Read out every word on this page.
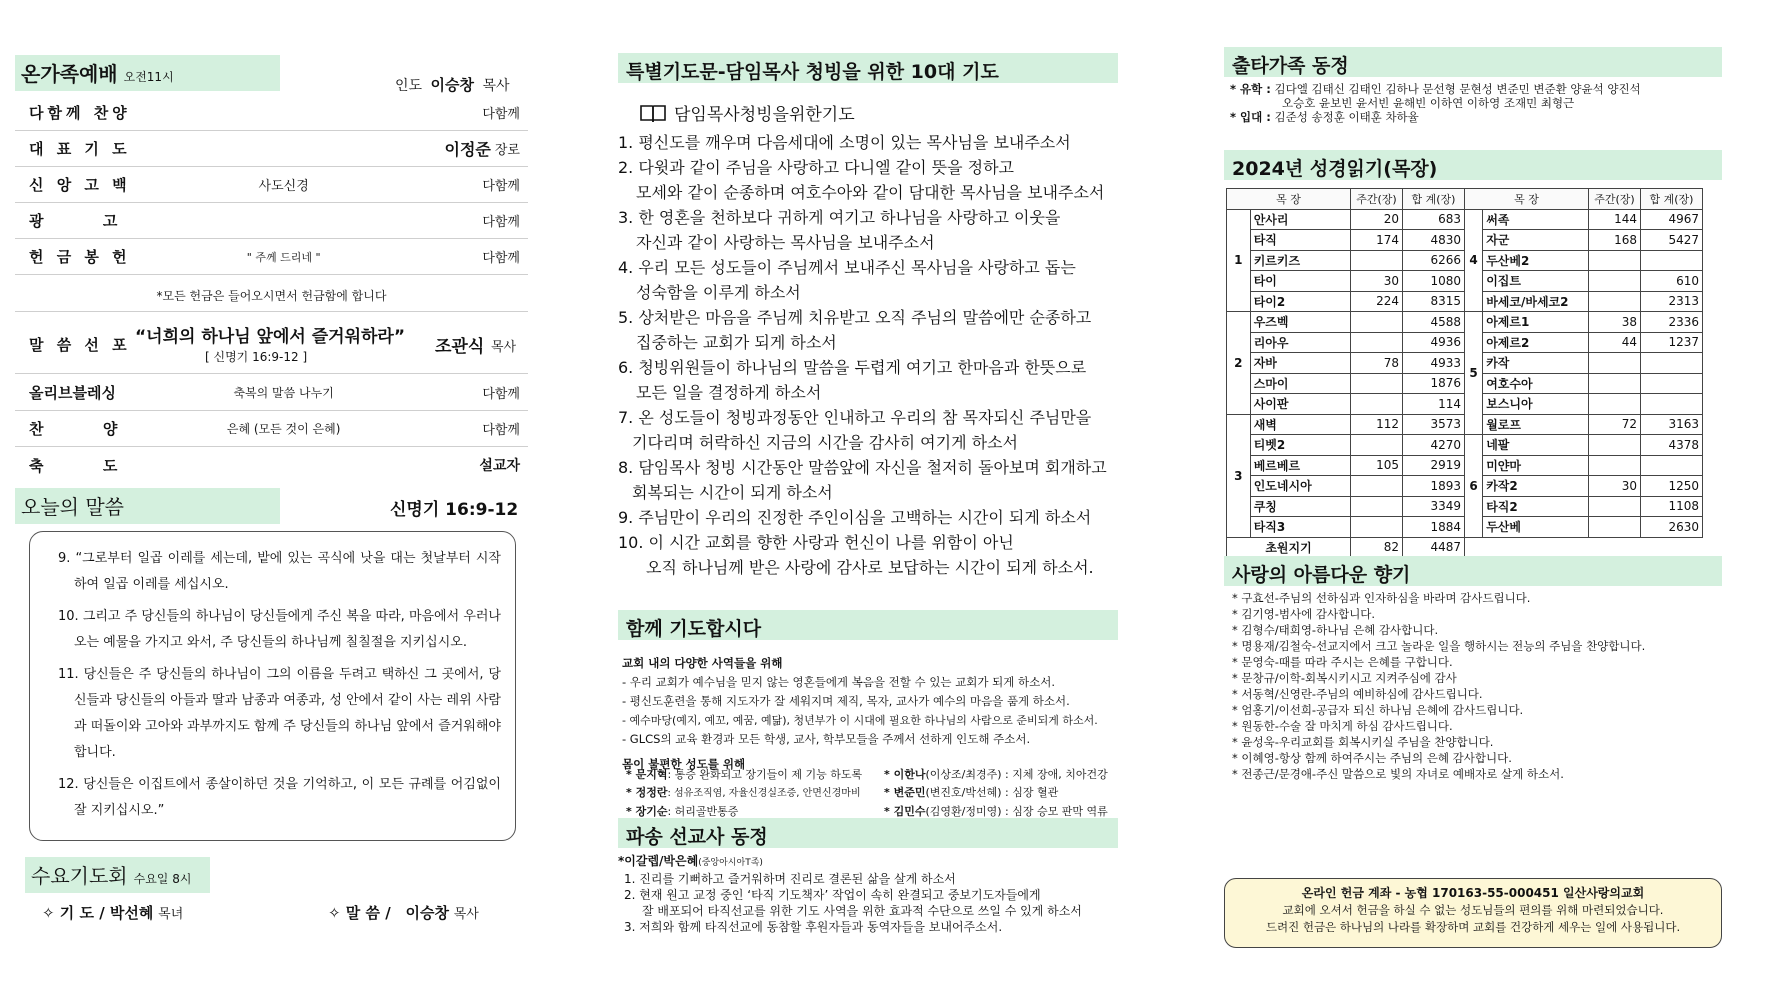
온가족예배 오전11시
인도 이승창 목사
다함께 찬양	다함께
대 표 기 도	이정준 장로
신 앙 고 백	사도신경	다함께
광      고	다함께
헌 금 봉 헌	" 주께 드리네 "	다함께
*모든 헌금은 들어오시면서 헌금함에 합니다
말 씀 선 포 “너희의 하나님 앞에서 즐거워하라”
[ 신명기 16:9-12 ]	조관식 목사
올리브블레싱	축복의 말씀 나누기	다함께
찬      양	은혜 (모든 것이 은혜)	다함께
축      도	설교자
오늘의 말씀	신명기 16:9-12

9. “그로부터 일곱 이레를 세는데, 밭에 있는 곡식에 낫을 대는 첫날부터 시작하여 일곱 이레를 세십시오.

10. 그리고 주 당신들의 하나님이 당신들에게 주신 복을 따라, 마음에서 우러나오는 예물을 가지고 와서, 주 당신들의 하나님께 칠칠절을 지키십시오.

11. 당신들은 주 당신들의 하나님이 그의 이름을 두려고 택하신 그 곳에서, 당신들과 당신들의 아들과 딸과 남종과 여종과, 성 안에서 같이 사는 레위 사람과 떠돌이와 고아와 과부까지도 함께 주 당신들의 하나님 앞에서 즐거워해야 합니다.

12. 당신들은 이집트에서 종살이하던 것을 기억하고, 이 모든 규례를 어김없이 잘 지키십시오.”

수요기도회 수요일 8시
✧ 기 도 / 박선혜 목녀	✧ 말 씀 / 이승창 목사
특별기도문-담임목사 청빙을 위한 10대 기도
담임목사청빙을위한기도
1. 평신도를 깨우며 다음세대에 소명이 있는 목사님을 보내주소서
2. 다윗과 같이 주님을 사랑하고 다니엘 같이 뜻을 정하고
모세와 같이 순종하며 여호수아와 같이 담대한 목사님을 보내주소서
3. 한 영혼을 천하보다 귀하게 여기고 하나님을 사랑하고 이웃을
자신과 같이 사랑하는 목사님을 보내주소서
4. 우리 모든 성도들이 주님께서 보내주신 목사님을 사랑하고 돕는
성숙함을 이루게 하소서
5. 상처받은 마음을 주님께 치유받고 오직 주님의 말씀에만 순종하고
집중하는 교회가 되게 하소서
6. 청빙위원들이 하나님의 말씀을 두렵게 여기고 한마음과 한뜻으로
모든 일을 결정하게 하소서
7. 온 성도들이 청빙과정동안 인내하고 우리의 참 목자되신 주님만을
기다리며 허락하신 지금의 시간을 감사히 여기게 하소서
8. 담임목사 청빙 시간동안 말씀앞에 자신을 철저히 돌아보며 회개하고
회복되는 시간이 되게 하소서
9. 주님만이 우리의 진정한 주인이심을 고백하는 시간이 되게 하소서
10. 이 시간 교회를 향한 사랑과 헌신이 나를 위함이 아닌
오직 하나님께 받은 사랑에 감사로 보답하는 시간이 되게 하소서.
함께 기도합시다
교회 내의 다양한 사역들을 위해
- 우리 교회가 예수님을 믿지 않는 영혼들에게 복음을 전할 수 있는 교회가 되게 하소서.
- 평신도훈련을 통해 지도자가 잘 세워지며 제직, 목자, 교사가 예수의 마음을 품게 하소서.
- 예수마당(예지, 예꼬, 예꿈, 예닮), 청년부가 이 시대에 필요한 하나님의 사람으로 준비되게 하소서.
- GLCS의 교육 환경과 모든 학생, 교사, 학부모들을 주께서 선하게 인도해 주소서.
몸이 불편한 성도를 위해
* 문지혁: 통증 완화되고 장기들이 제 기능 하도록	* 이한나(이상조/최경주) : 지체 장애, 치아건강
* 정정란: 섬유조직염, 자율신경실조증, 안면신경마비	* 변준민(변진호/박선혜) : 심장 혈관
* 장기순: 허리골반통증	* 김민수(김영환/정미영) : 심장 승모 판막 역류
파송 선교사 동정
*이갈렙/박은혜(중앙아시아T족)
1. 진리를 기뻐하고 즐거워하며 진리로 결론된 삶을 살게 하소서
2. 현재 원고 교정 중인 ‘타직 기도책자’ 작업이 속히 완결되고 중보기도자들에게
잘 배포되어 타직선교를 위한 기도 사역을 위한 효과적 수단으로 쓰일 수 있게 하소서
3. 저희와 함께 타직선교에 동참할 후원자들과 동역자들을 보내어주소서.
출타가족 동정
* 유학 : 김다엘 김태신 김태인 김하나 문선형 문현성 변준민 변준환 양윤석 양진석
오승호 윤보빈 윤서빈 윤해빈 이하연 이하영 조재민 최형근
* 입대 : 김준성 송정훈 이태훈 차하율
2024년 성경읽기(목장)
목 장		주간(장)	합 계(장)	목 장		주간(장)	합 계(장)
1	안사리	20	683	4	써족	144	4967
	타직	174	4830		자군	168	5427
	키르키즈		6266		두산베2		
	타이	30	1080		이집트		610
	타이2	224	8315		바세코/바세코2		2313
2	우즈벡		4588	5	아제르1	38	2336
	리아우		4936		아제르2	44	1237
	자바	78	4933		카작		
	스마이		1876		여호수아		
	사이판		114		보스니아		
3	새벽	112	3573		월로프	72	3163
	티벳2		4270	6	네팔		4378
	베르베르	105	2919		미얀마		
	인도네시아		1893		카작2	30	1250
	쿠칭		3349		타직2		1108
	타직3		1884		두산베		2630
초원지기		82	4487				
사랑의 아름다운 향기
* 구효선-주님의 선하심과 인자하심을 바라며 감사드립니다.
* 김기영-범사에 감사합니다.
* 김형수/태희영-하나님 은혜 감사합니다.
* 명용재/김철숙-선교지에서 크고 놀라운 일을 행하시는 전능의 주님을 찬양합니다.
* 문영숙-때를 따라 주시는 은혜를 구합니다.
* 문창규/이학-회복시키시고 지켜주심에 감사
* 서동혁/신영란-주님의 예비하심에 감사드립니다.
* 엄홍기/이선희-공급자 되신 하나님 은혜에 감사드립니다.
* 원동한-수술 잘 마치게 하심 감사드립니다.
* 윤성욱-우리교회를 회복시키실 주님을 찬양합니다.
* 이혜영-항상 함께 하여주시는 주님의 은혜 감사합니다.
* 전종근/문경애-주신 말씀으로 빛의 자녀로 예배자로 살게 하소서.
온라인 헌금 계좌 - 농협 170163-55-000451 일산사랑의교회
교회에 오셔서 헌금을 하실 수 없는 성도님들의 편의를 위해 마련되었습니다.
드려진 헌금은 하나님의 나라를 확장하며 교회를 건강하게 세우는 일에 사용됩니다.
